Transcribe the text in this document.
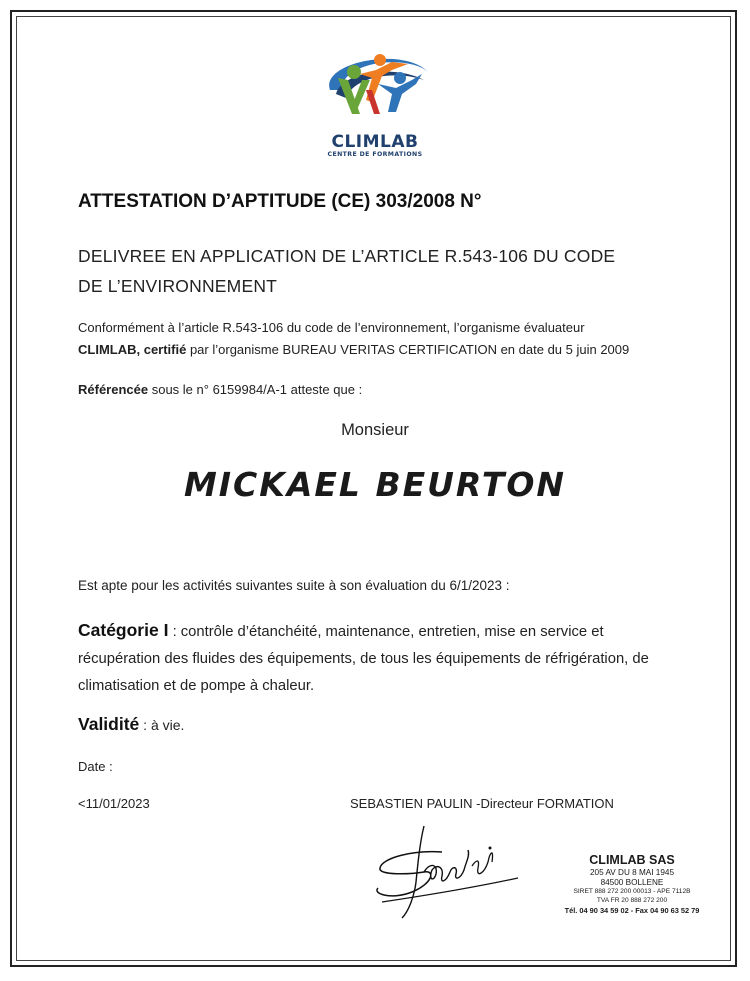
CLIMLAB
CENTRE DE FORMATIONS
ATTESTATION D’APTITUDE (CE) 303/2008 N°
DELIVREE EN APPLICATION DE L’ARTICLE R.543-106 DU CODE
DE L’ENVIRONNEMENT
Conformément à l’article R.543-106 du code de l’environnement, l’organisme évaluateur
CLIMLAB, certifié par l’organisme BUREAU VERITAS CERTIFICATION en date du 5 juin 2009
Référencée sous le n° 6159984/A-1 atteste que :
Monsieur
MICKAEL BEURTON
Est apte pour les activités suivantes suite à son évaluation du 6/1/2023 :
Catégorie I : contrôle d’étanchéité, maintenance, entretien, mise en service et
récupération des fluides des équipements, de tous les équipements de réfrigération, de
climatisation et de pompe à chaleur.
Validité : à vie.
Date :
<11/01/2023	SEBASTIEN PAULIN -Directeur FORMATION
CLIMLAB SAS
205 AV DU 8 MAI 1945
84500 BOLLENE
SIRET 888 272 200 00013 - APE 7112B
TVA FR 20 888 272 200
Tél. 04 90 34 59 02 - Fax 04 90 63 52 79
